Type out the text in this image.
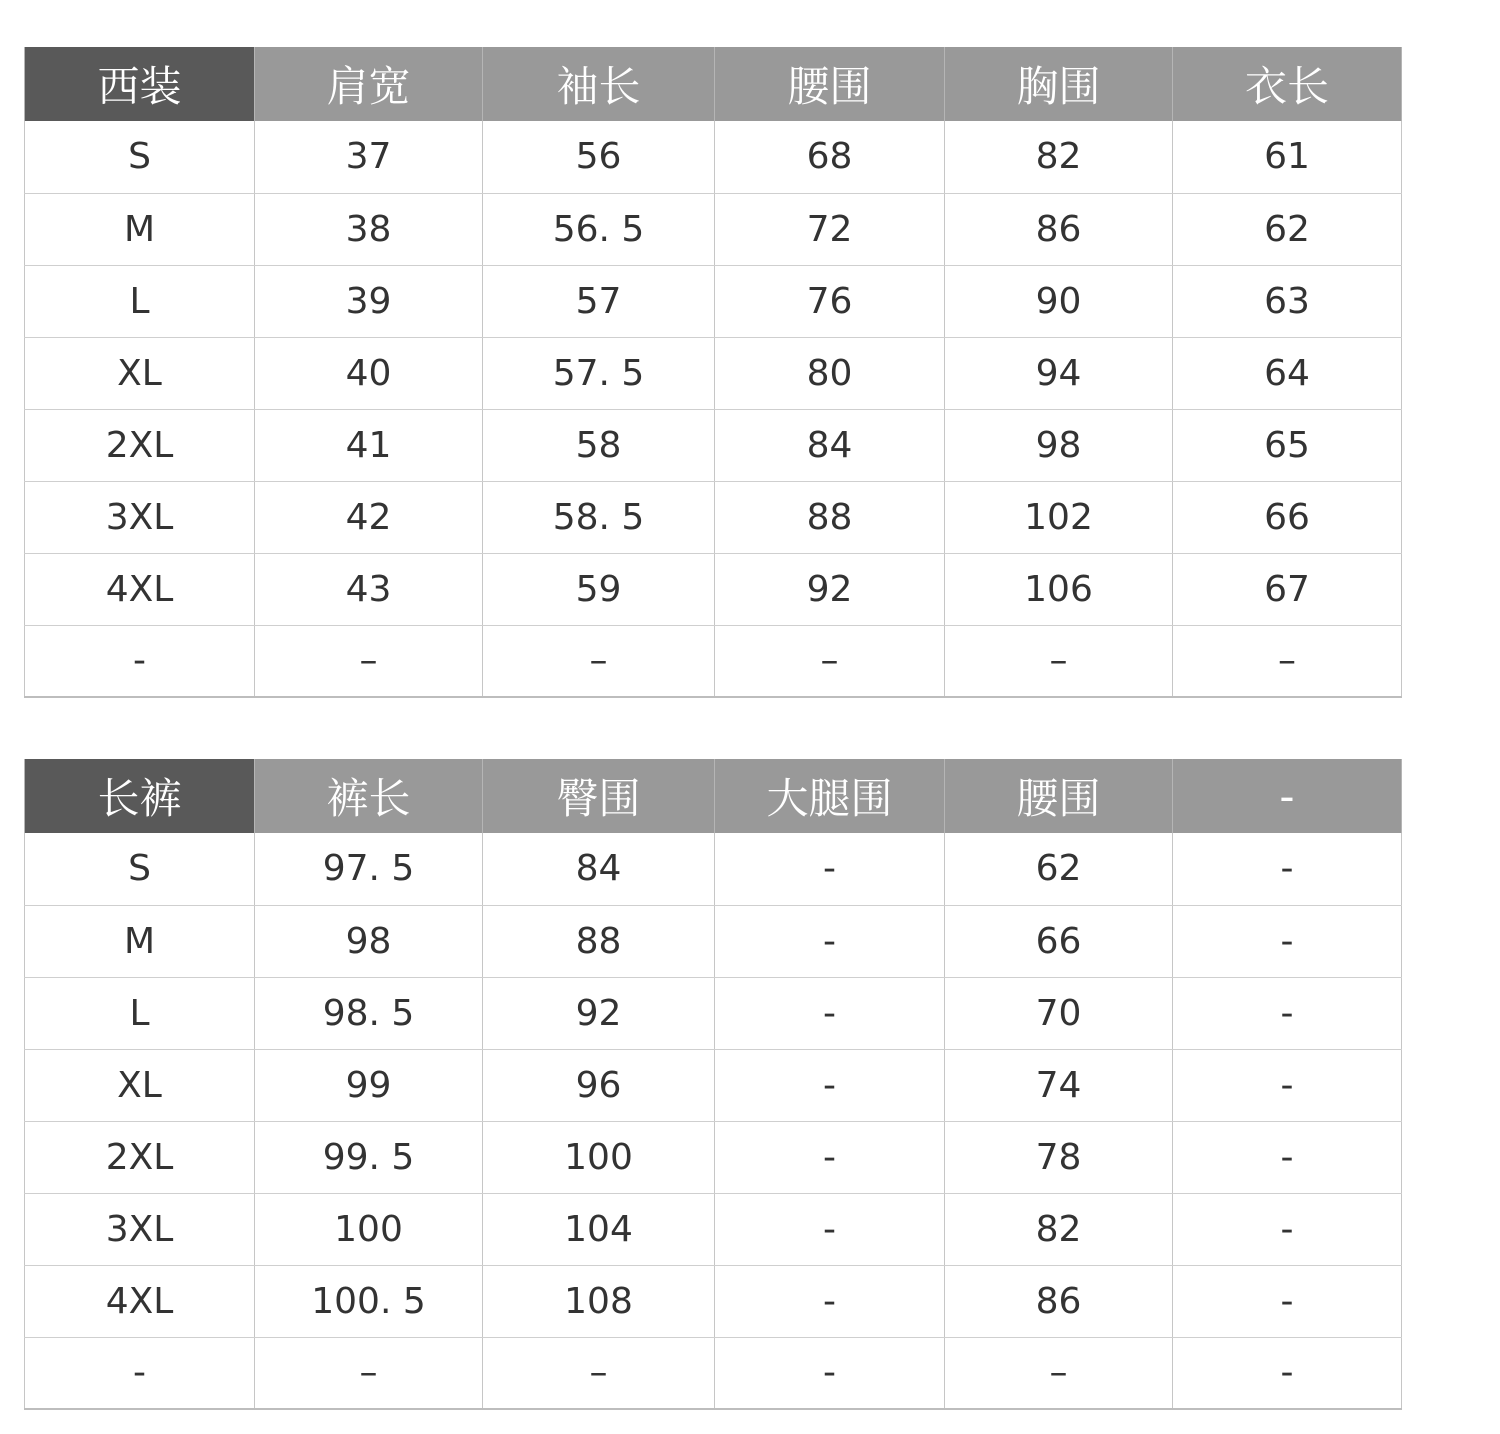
西装	肩宽	袖长	腰围	胸围	衣长
S	37	56	68	82	61
M	38	56. 5	72	86	62
L	39	57	76	90	63
XL	40	57. 5	80	94	64
2XL	41	58	84	98	65
3XL	42	58. 5	88	102	66
4XL	43	59	92	106	67
-	–	–	–	–	–
长裤	裤长	臀围	大腿围	腰围	-
S	97. 5	84	-	62	-
M	98	88	-	66	-
L	98. 5	92	-	70	-
XL	99	96	-	74	-
2XL	99. 5	100	-	78	-
3XL	100	104	-	82	-
4XL	100. 5	108	-	86	-
-	–	–	-	–	-
